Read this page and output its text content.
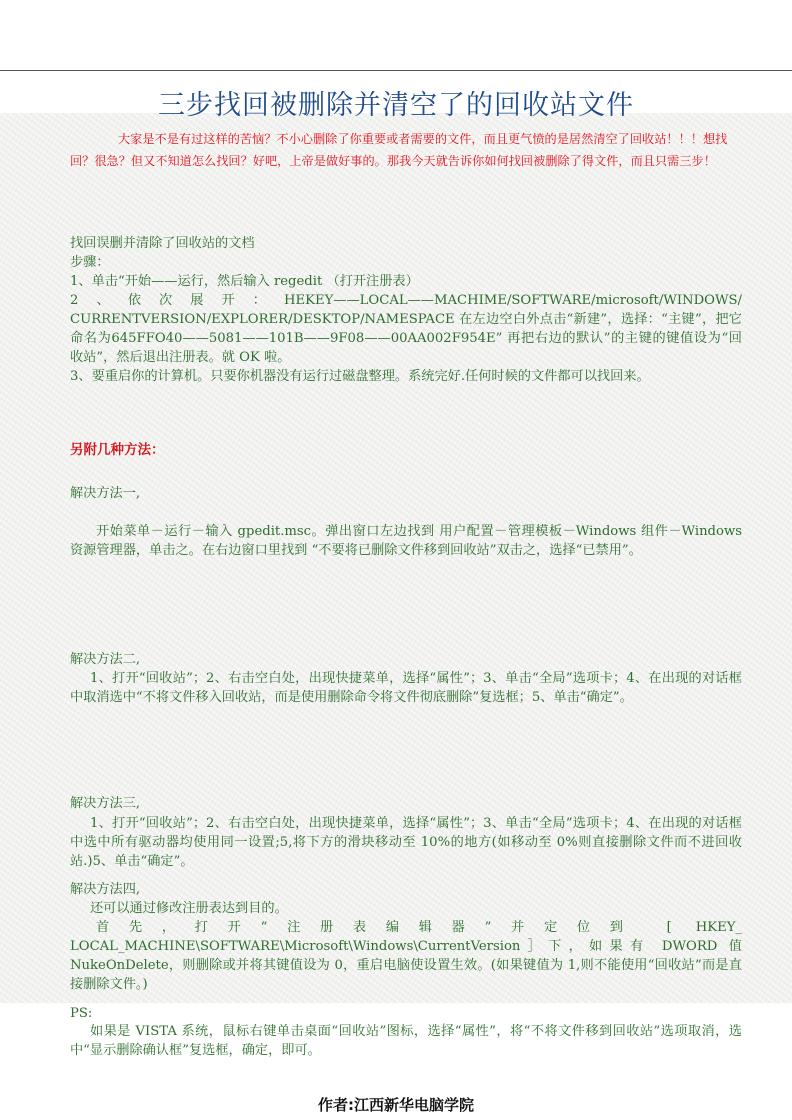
三步找回被删除并清空了的回收站文件

大家是不是有过这样的苦恼？不小心删除了你重要或者需要的文件，而且更气愤的是居然清空了回收站！！！想找回？很急？但又不知道怎么找回？好吧，上帝是做好事的。那我今天就告诉你如何找回被删除了得文件，而且只需三步！

找回误删并清除了回收站的文档

步骤：

1、单击“开始——运行，然后输入 regedit （打开注册表）

2、依次展开：HEKEY——LOCAL——MACHIME/SOFTWARE/microsoft/WINDOWS/

CURRENTVERSION/EXPLORER/DESKTOP/NAMESPACE 在左边空白外点击“新建”，选择：“主键”，把它命名为645FFO40——5081——101B——9F08——00AA002F954E” 再把右边的默认”的主键的键值设为“回收站”，然后退出注册表。就 OK 啦。

3、要重启你的计算机。只要你机器没有运行过磁盘整理。系统完好.任何时候的文件都可以找回来。

另附几种方法：
解决方法一,

开始菜单－运行－输入 gpedit.msc。弹出窗口左边找到 用户配置－管理模板－Windows 组件－Windows 资源管理器，单击之。在右边窗口里找到 “不要将已删除文件移到回收站”双击之，选择“已禁用”。

解决方法二,

1、打开“回收站”；2、右击空白处，出现快捷菜单，选择“属性”；3、单击“全局”选项卡；4、在出现的对话框中取消选中“不将文件移入回收站，而是使用删除命令将文件彻底删除”复选框；5、单击“确定”。

解决方法三,

1、打开“回收站”；2、右击空白处，出现快捷菜单，选择“属性”；3、单击“全局”选项卡；4、在出现的对话框中选中所有驱动器均使用同一设置;5,将下方的滑块移动至 10%的地方(如移动至 0%则直接删除文件而不进回收站.)5、单击“确定”。

解决方法四,

还可以通过修改注册表达到目的。

首先，打开“注册表编辑器”并定位到 [ HKEY_

LOCAL_MACHINE\SOFTWARE\Microsoft\Windows\CurrentVersion］下，如果有 DWORD 值 NukeOnDelete，则删除或并将其键值设为 0，重启电脑使设置生效。(如果键值为 1,则不能使用“回收站”而是直接删除文件。)

PS:

如果是 VISTA 系统，鼠标右键单击桌面“回收站”图标，选择“属性”，将“不将文件移到回收站”选项取消，选中“显示删除确认框”复选框，确定，即可。

作者:江西新华电脑学院
